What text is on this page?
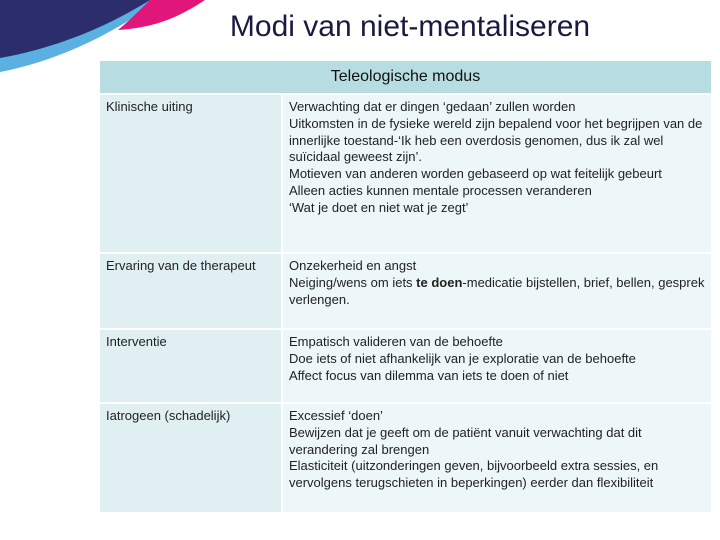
Modi van niet-mentaliseren
Teleologische modus
Klinische uiting	Verwachting dat er dingen ‘gedaan’ zullen worden
Uitkomsten in de fysieke wereld zijn bepalend voor het begrijpen van de innerlijke toestand-‘Ik heb een overdosis genomen, dus ik zal wel suïcidaal geweest zijn’.
Motieven van anderen worden gebaseerd op wat feitelijk gebeurt
Alleen acties kunnen mentale processen veranderen
‘Wat je doet en niet wat je zegt’
Ervaring van de therapeut	Onzekerheid en angst
Neiging/wens om iets te doen-medicatie bijstellen, brief, bellen, gesprek verlengen.
Interventie	Empatisch valideren van de behoefte
Doe iets of niet afhankelijk van je exploratie van de behoefte
Affect focus van dilemma van iets te doen of niet
Iatrogeen (schadelijk)	Excessief ‘doen’
Bewijzen dat je geeft om de patiënt vanuit verwachting dat dit verandering zal brengen
Elasticiteit (uitzonderingen geven, bijvoorbeeld extra sessies, en vervolgens terugschieten in beperkingen) eerder dan flexibiliteit
